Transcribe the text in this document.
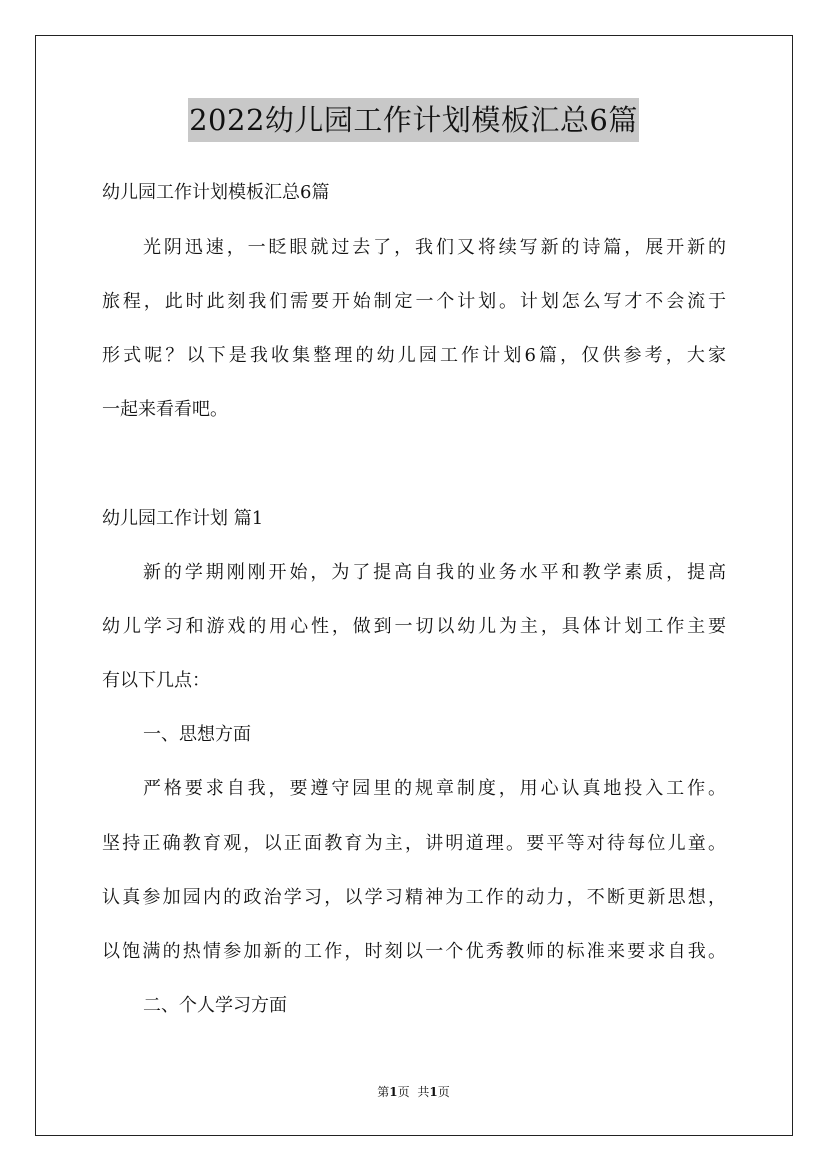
2022幼儿园工作计划模板汇总6篇
幼儿园工作计划模板汇总6篇
光阴迅速，一眨眼就过去了，我们又将续写新的诗篇，展开新的
旅程，此时此刻我们需要开始制定一个计划。计划怎么写才不会流于
形式呢？以下是我收集整理的幼儿园工作计划6篇，仅供参考，大家
一起来看看吧。
幼儿园工作计划 篇1
新的学期刚刚开始，为了提高自我的业务水平和教学素质，提高
幼儿学习和游戏的用心性，做到一切以幼儿为主，具体计划工作主要
有以下几点：
一、思想方面
严格要求自我，要遵守园里的规章制度，用心认真地投入工作。
坚持正确教育观，以正面教育为主，讲明道理。要平等对待每位儿童。
认真参加园内的政治学习，以学习精神为工作的动力，不断更新思想，
以饱满的热情参加新的工作，时刻以一个优秀教师的标准来要求自我。
二、个人学习方面
第1页 共1页
